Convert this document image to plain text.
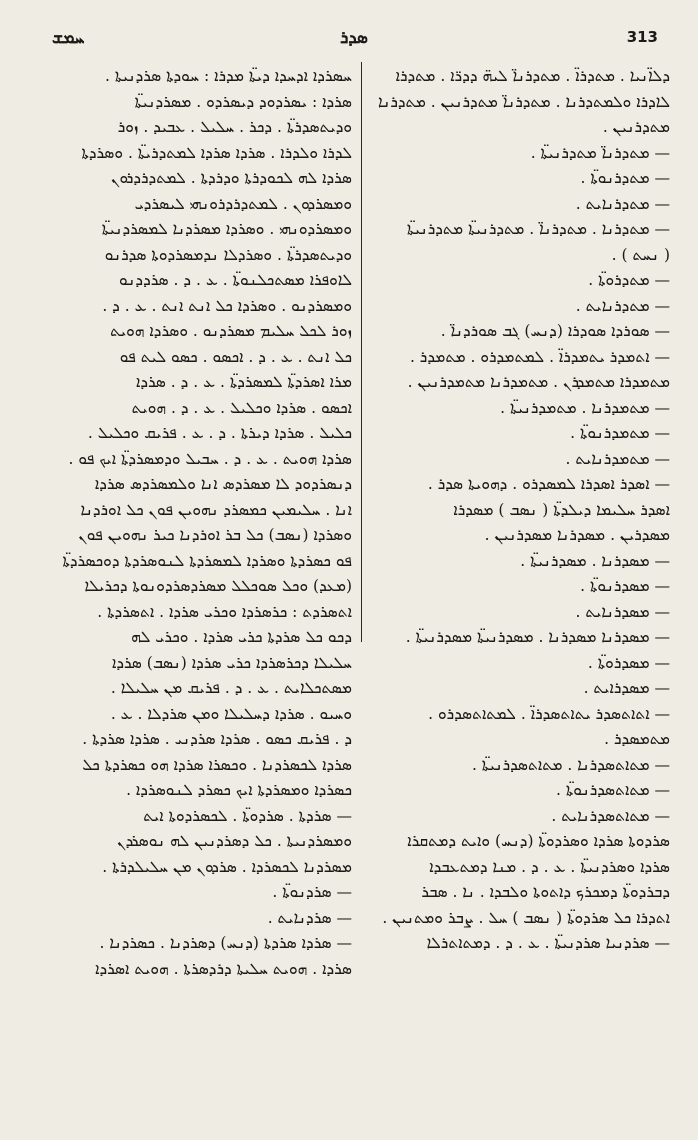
ܚܡܫ	ܣܕܪ	313
ܕܠܐ̈ܢܝܐ . ܡܬܕܪܐ̈ . ܡܬܕܪܢܐ̈ ܠܝܗ̈ ܕܕܪ̈ܐ . ܡܬܕܪܐ
ܠܐܕܪܐ ܘܠܡܬܕܪܢܐ . ܡܬܕܪܢܐ̈ ܡܬܕܪܢܝܢ . ܡܬܕܪܢܐ
ܡܬܕܪܢܝܢ .
— ܡܬܕܪܢܐ̈ ܡܬܕܪܢܝܬܐ̈ .
— ܡܬܕܪܢܘܬܐ̈ .
— ܡܬܕܪܢܐܝܬ .
— ܡܬܕܪܢܐ . ܡܬܕܪܢܐ̈ . ܡܬܕܪܢܝܬܐ̈ ܡܬܕܪܢܝܬܐ̈
( ܢܚܬ ) .
— ܡܬܕܪܘܬܐ̈ .
— ܡܬܕܪܢܐܝܬ .
— ܣܘܪܕܐ ܣܘܕܪܐ (ܕܢܚ) ܓܒ ܣܘܪܕܢܐ̈ .
— ܐܬܡܕܪ ܝܬܡܕܪܐ̈ . ܠܡܬܡܕܪܘ . ܡܬܡܕܪ .
ܡܬܡܕܪܐ ܡܬܡܕܪܢ . ܡܬܡܕܪܢܐ ܡܬܡܕܪܢܝܢ .
— ܡܬܡܕܪܢܐ . ܡܬܡܕܪܢܝܬܐ̈ .
— ܡܬܡܕܪܢܘܬܐ̈ .
— ܡܬܡܕܪܢܐܝܬ .
— ܐܣܕܪ ܐܣܕܪܐ ܠܡܣܕܪܘ . ܕܗܘܝܬܐ ܣܕܪ .
ܐܣܕܪ ܚܠܝܡܐ ܕܝܠܕܬܐ̈ ( ܢܣܒ ) ܡܣܕܪܐ
ܡܣܕܪܝܢ . ܡܣܕܪܢܐ ܡܣܕܪܢܝܢ .
— ܡܣܕܪܢܐ . ܡܣܕܪܢܝܬܐ̈ .
— ܡܣܕܪܢܘܬܐ̈ .
— ܡܣܕܪܢܐܝܬ .
— ܡܣܕܪܢܐ ܡܣܕܪܢܐ . ܡܣܕܪܢܝܬܐ̈ ܡܣܕܪܢܝܬܐ̈ .
— ܡܣܕܪܘܬܐ̈ .
— ܡܣܕܪܐܝܬ .
— ܐܬܐܬܣܕܪ ܝܬܐܬܣܕܪܐ̈ . ܠܡܬܐܬܣܕܪܘ .
ܡܬܡܣܕܪ .
— ܡܬܐܬܣܕܪܢܐ . ܡܬܐܬܣܕܪܢܝܬܐ̈ .
— ܡܬܐܬܣܕܪܢܘܬܐ̈ .
— ܡܬܐܬܣܕܪܢܐܝܬ .
ܣܪܕܘܬܐ ܣܪܕܐ ܘܣܪܕܘܬܐ̈ (ܕܢܚ) ܘܐܝܬ ܕܡܬܩܪܐ
ܣܪܕܐ ܘܣܪܕܢܝܬܐ̈ . ܥ . ܕ . ܡܢܐ ܕܡܬܥܒܕܐ
ܕܒܪܕܘܬܐ̈ ܕܡܟܪܟ ܕܐܬܘܬܐ ܘܠܒܕܐ . ܢܐ . ܣܒܪ
ܐܬܕܪܐ ܟܠ ܣܪܕܘܬܐ̈ ( ܢܣܒ ) ܚܠ . ܨܒܪ ܘܡܬܢܝܢ .
— ܣܪܕܢܝܐ ܣܪܕܢܝܬܐ̈ . ܥ . ܕ . ܕܡܬܐܬܪܠܐ
ܚܣܪܕܐ ܐܕܚܕܐ ܕܝܬܐ̈ ܡܕܪܐ : ܚܘܕܬܐ ܣܪܕܢܝܬܐ .
ܣܪܕܐ : ܝܣܪܕܘܕ ܕܝܣܪܕܘ . ܡܣܪܕܢܝܬܐ̈
ܘܕܝܬܣܕܪܬܐ̈ . ܕܟܪ . ܚܠܝܠ . ܥܒܝܕ . ܙܘܪ
ܠܕܪܐ ܘܠܕܪܐ . ܣܪܕܐ ܣܪܕܐ ܠܡܬܕܪܝܬܐ̈ . ܘܣܪܕܬܐ
ܣܪܕܐ ܠܗ ܠܟܘܕܪܬܐ ܘܕܪܕܬܐ . ܠܡܬܕܪܕܪܘܢ
ܘܡܣܪܕܘܢ . ܠܡܬܕܪܕܪܘܢܗܝ ܠܝܣܪܕܝ
ܘܡܣܪܕܘܢܗܝ . ܘܣܪܕܐ ܡܣܪܕܢܐ ܠܡܣܪܕܢܝܬܐ̈
ܘܕܝܬܣܕܪܬܐ̈ . ܘܣܪܕܠܐ ܢܕܡܣܪܕܘܬܐ ܣܕܪܢܘ
ܠܐܘܦܪܐ ܡܣܬܟܠܢܘܬܐ̈ . ܥ . ܕ . ܣܪܕܕܢܘ
ܘܡܣܪܕܢܘ . ܘܣܪܕܐ ܟܠ ܐܢܬ ܐܢܬ . ܥ . ܕ .
ܙܘܪ ܠܟܠ ܚܠܝܡ ܡܣܪܕܢܘ . ܘܣܪܕܐ ܗܘܝܬ
ܟܠ ܐܢܬ . ܥ . ܕ . ܐܟܣܘ . ܟܣܘ ܠܝܬ ܦܘ
ܡܪܐ ܐܣܪܕܬܐ̈ ܠܡܣܪܕܬܐ̈ . ܥ . ܕ . ܣܪܕܐ
ܐܟܣܘ . ܣܪܕܐ ܘܟܠܝܠ . ܥ . ܕ . ܗܘܝܬ
ܟܠܝܠ . ܣܪܕܐ ܕܝܪܬܐ . ܕ . ܥ . ܦܪܝܩ ܘܟܠܝܠ .
ܣܪܕܐ ܗܘܝܬ . ܥ . ܕ . ܚܒܝܠ ܘܕܡܣܪܕܬܐ̈ ܐܝܟ ܦܘ .
ܕܢܣܪܕܘܕ ܠܐ ܡܣܪܕܣ ܐܢܐ ܘܠܡܣܪܕܣ ܣܪܕܐ
ܐܢܐ . ܚܠܝܡܝܢ ܟܡܣܪܕ ܢܗܘܝܢ ܦܘܢ ܟܠ ܐܘܪܕܢܐ
ܘܣܪܕܐ (ܢܣܒ) ܟܠ ܒܪ ܐܘܪܕܢܐ ܟܝܪ ܢܗܘܝܢ ܦܘܢ
ܦܘ ܟܣܪܕܬܐ ܘܣܪܕܐ ܠܡܣܪܕܬܐ ܠܢܘܣܪܕܬܐ ܕܘܟܣܪܕܬܐ̈
(ܡܥܕ) ܘܟܠ ܣܘܟܠܠ ܡܣܪܕܣܪܕܘܢܘܬܐ ܕܟܪܝܠܐ
ܐܬܣܪܕܬ : ܟܪܣܪܕܐ ܘܟܪܝ ܣܪܕܐ . ܐܬܣܪܕܬܐ .
ܕܟܘ ܟܠ ܣܪܕܬܐ ܟܪܝ ܣܪܕܐ . ܘܟܪܝ ܠܗ
ܚܠܝܠܐ ܕܟܪܣܪܕܐ ܟܪܝ ܣܪܕܐ (ܢܣܒ) ܣܪܕܐ
ܡܣܬܟܠܐܝܬ . ܥ . ܕ . ܦܪܝܩ ܡܢ ܚܠܝܠܐ .
ܘܚܝܘ . ܣܪܕܐ ܕܚܠܝܠܐ ܘܡܢ ܣܪܕܠܐ . ܥ .
ܕ . ܦܪܝܩ ܟܣܘ . ܣܪܕܐ ܣܪܕܢܝ . ܣܪܕܐ ܣܪܕܬܐ .
ܣܪܕܐ ܠܟܣܪܕܢܐ . ܘܟܣܪܐ ܣܪܕܐ ܗܘ ܟܣܪܕܬܐ ܟܠ
ܟܣܪܕܐ ܘܡܣܪܕܬܐ ܐܝܟ ܟܣܪܕ ܠܢܘܣܪܕܐ .
— ܣܪܕܬܐ . ܣܪܕܘܬܐ̈ . ܠܟܣܪܕܘܬܐ ܐܝܬ
ܘܡܣܪܕܢܝܬܐ . ܟܠ ܕܣܪܕܢܝܢ ܠܗ ܢܘܣܪܕܢ
ܡܣܪܕܢܐ ܠܟܣܪܕܐ . ܣܪܕܘܢ ܡܢ ܚܠܝܠܕܪܬܐ .
— ܣܪܕܢܘܬܐ̈ .
— ܣܪܕܢܐܝܬ .
— ܣܪܕܐ ܣܪܕܬܐ (ܕܢܚ) ܕܣܪܕܢܐ . ܟܣܪܕܢܐ .
ܣܪܕܐ . ܗܘܝܬ ܚܠܝܬܐ ܕܪܕܣܪܬܐ . ܗܘܝܬ ܐܣܪܕܐ
